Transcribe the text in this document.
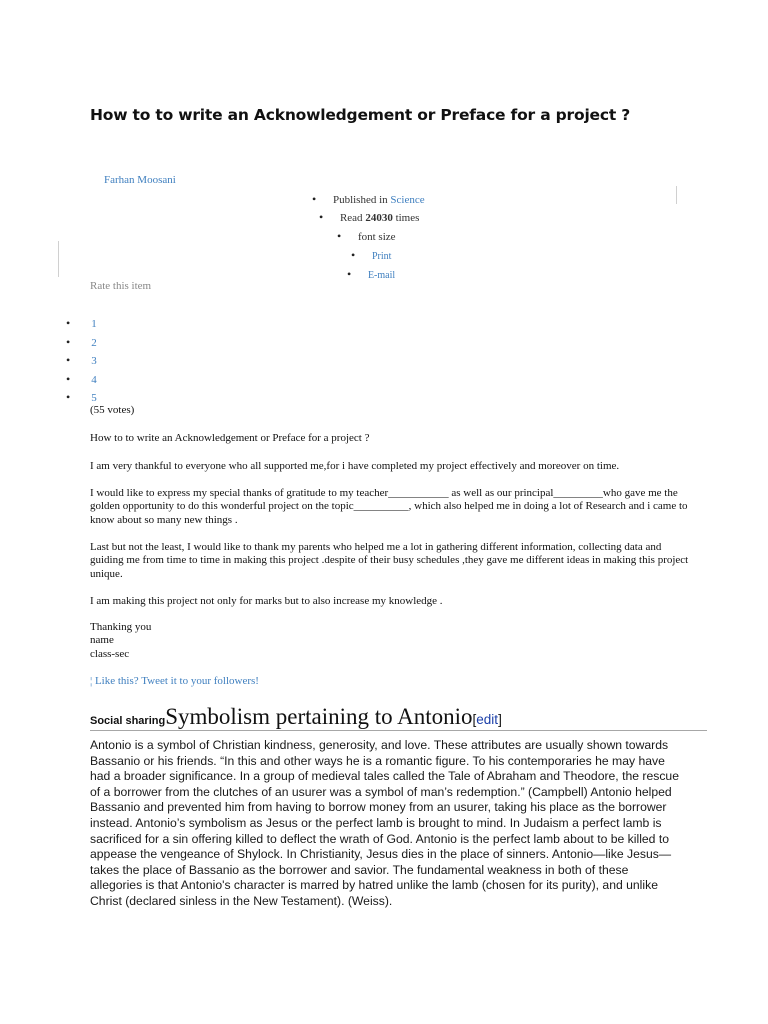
How to to write an Acknowledgement or Preface for a project ?
Farhan Moosani
• Published in Science
• Read 24030 times
• font size
• Print
• E-mail
Rate this item
• 1
• 2
• 3
• 4
• 5
(55 votes)
How to to write an Acknowledgement or Preface for a project ?
I am very thankful to everyone who all supported me,for i have completed my project effectively and moreover on time.
I would like to express my special thanks of gratitude to my teacher___________ as well as our principal_________who gave me the golden opportunity to do this wonderful project on the topic__________, which also helped me in doing a lot of Research and i came to know about so many new things .
Last but not the least, I would like to thank my parents who helped me a lot in gathering different information, collecting data and guiding me from time to time in making this project .despite of their busy schedules ,they gave me different ideas in making this project unique.
I am making this project not only for marks but to also increase my knowledge .
Thanking you
name
class-sec
¦ Like this? Tweet it to your followers!
Social sharingSymbolism pertaining to Antonio[edit]
Antonio is a symbol of Christian kindness, generosity, and love. These attributes are usually shown towards Bassanio or his friends. “In this and other ways he is a romantic figure. To his contemporaries he may have had a broader significance. In a group of medieval tales called the Tale of Abraham and Theodore, the rescue of a borrower from the clutches of an usurer was a symbol of man’s redemption.” (Campbell) Antonio helped Bassanio and prevented him from having to borrow money from an usurer, taking his place as the borrower instead. Antonio’s symbolism as Jesus or the perfect lamb is brought to mind. In Judaism a perfect lamb is sacrificed for a sin offering killed to deflect the wrath of God. Antonio is the perfect lamb about to be killed to appease the vengeance of Shylock. In Christianity, Jesus dies in the place of sinners. Antonio—like Jesus—takes the place of Bassanio as the borrower and savior. The fundamental weakness in both of these allegories is that Antonio's character is marred by hatred unlike the lamb (chosen for its purity), and unlike Christ (declared sinless in the New Testament). (Weiss).
